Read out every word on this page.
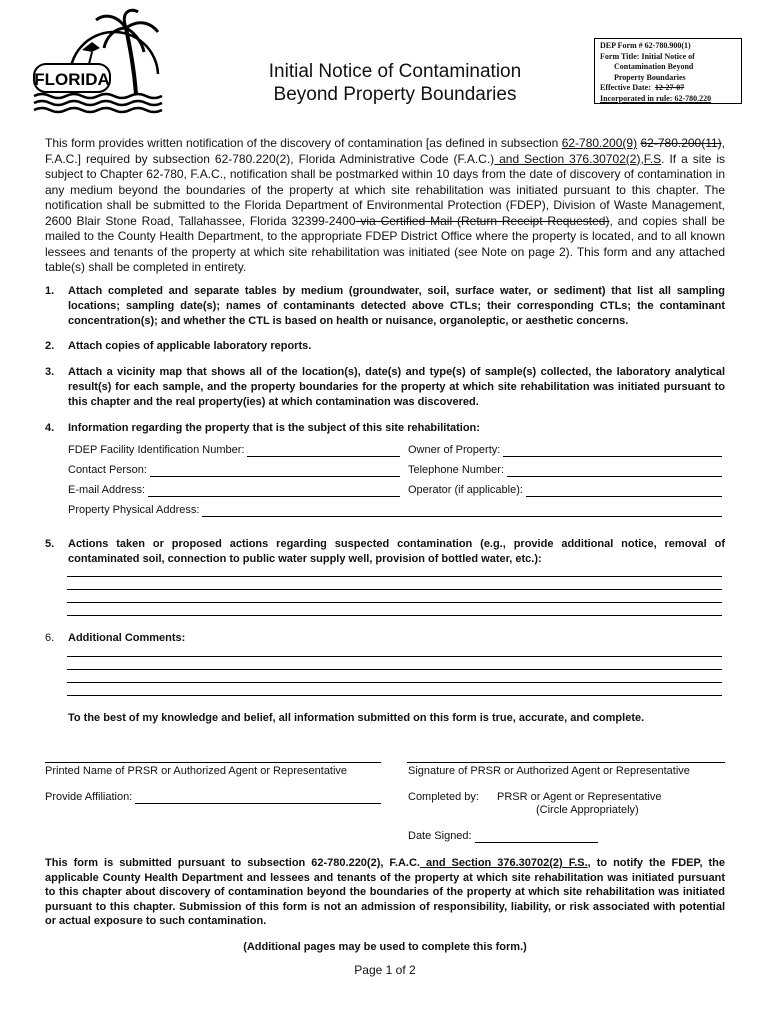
FLORIDA	Initial Notice of Contamination
Beyond Property Boundaries
DEP Form # 62-780.900(1)
Form Title: Initial Notice of
Contamination Beyond
Property Boundaries
Effective Date: 12-27-07
Incorporated in rule: 62-780.220
This form provides written notification of the discovery of contamination [as defined in subsection 62-780.200(9) 62-780.200(11), F.A.C.] required by subsection 62-780.220(2), Florida Administrative Code (F.A.C.) and Section 376.30702(2),F.S. If a site is subject to Chapter 62-780, F.A.C., notification shall be postmarked within 10 days from the date of discovery of contamination in any medium beyond the boundaries of the property at which site rehabilitation was initiated pursuant to this chapter. The notification shall be submitted to the Florida Department of Environmental Protection (FDEP), Division of Waste Management, 2600 Blair Stone Road, Tallahassee, Florida 32399-2400 via Certified Mail (Return Receipt Requested), and copies shall be mailed to the County Health Department, to the appropriate FDEP District Office where the property is located, and to all known lessees and tenants of the property at which site rehabilitation was initiated (see Note on page 2). This form and any attached table(s) shall be completed in entirety.
1.	Attach completed and separate tables by medium (groundwater, soil, surface water, or sediment) that list all sampling locations; sampling date(s); names of contaminants detected above CTLs; their corresponding CTLs; the contaminant concentration(s); and whether the CTL is based on health or nuisance, organoleptic, or aesthetic concerns.
2.	Attach copies of applicable laboratory reports.
3.	Attach a vicinity map that shows all of the location(s), date(s) and type(s) of sample(s) collected, the laboratory analytical result(s) for each sample, and the property boundaries for the property at which site rehabilitation was initiated pursuant to this chapter and the real property(ies) at which contamination was discovered.
4.	Information regarding the property that is the subject of this site rehabilitation:
FDEP Facility Identification Number:	Owner of Property:
Contact Person:	Telephone Number:
E-mail Address:	Operator (if applicable):
Property Physical Address:
5.	Actions taken or proposed actions regarding suspected contamination (e.g., provide additional notice, removal of contaminated soil, connection to public water supply well, provision of bottled water, etc.):
6.	Additional Comments:
To the best of my knowledge and belief, all information submitted on this form is true, accurate, and complete.
Printed Name of PRSR or Authorized Agent or Representative	Signature of PRSR or Authorized Agent or Representative
Provide Affiliation:	Completed by: PRSR or Agent or Representative
(Circle Appropriately)
Date Signed:
This form is submitted pursuant to subsection 62-780.220(2), F.A.C. and Section 376.30702(2) F.S., to notify the FDEP, the applicable County Health Department and lessees and tenants of the property at which site rehabilitation was initiated pursuant to this chapter about discovery of contamination beyond the boundaries of the property at which site rehabilitation was initiated pursuant to this chapter. Submission of this form is not an admission of responsibility, liability, or risk associated with potential or actual exposure to such contamination.
(Additional pages may be used to complete this form.)
Page 1 of 2
